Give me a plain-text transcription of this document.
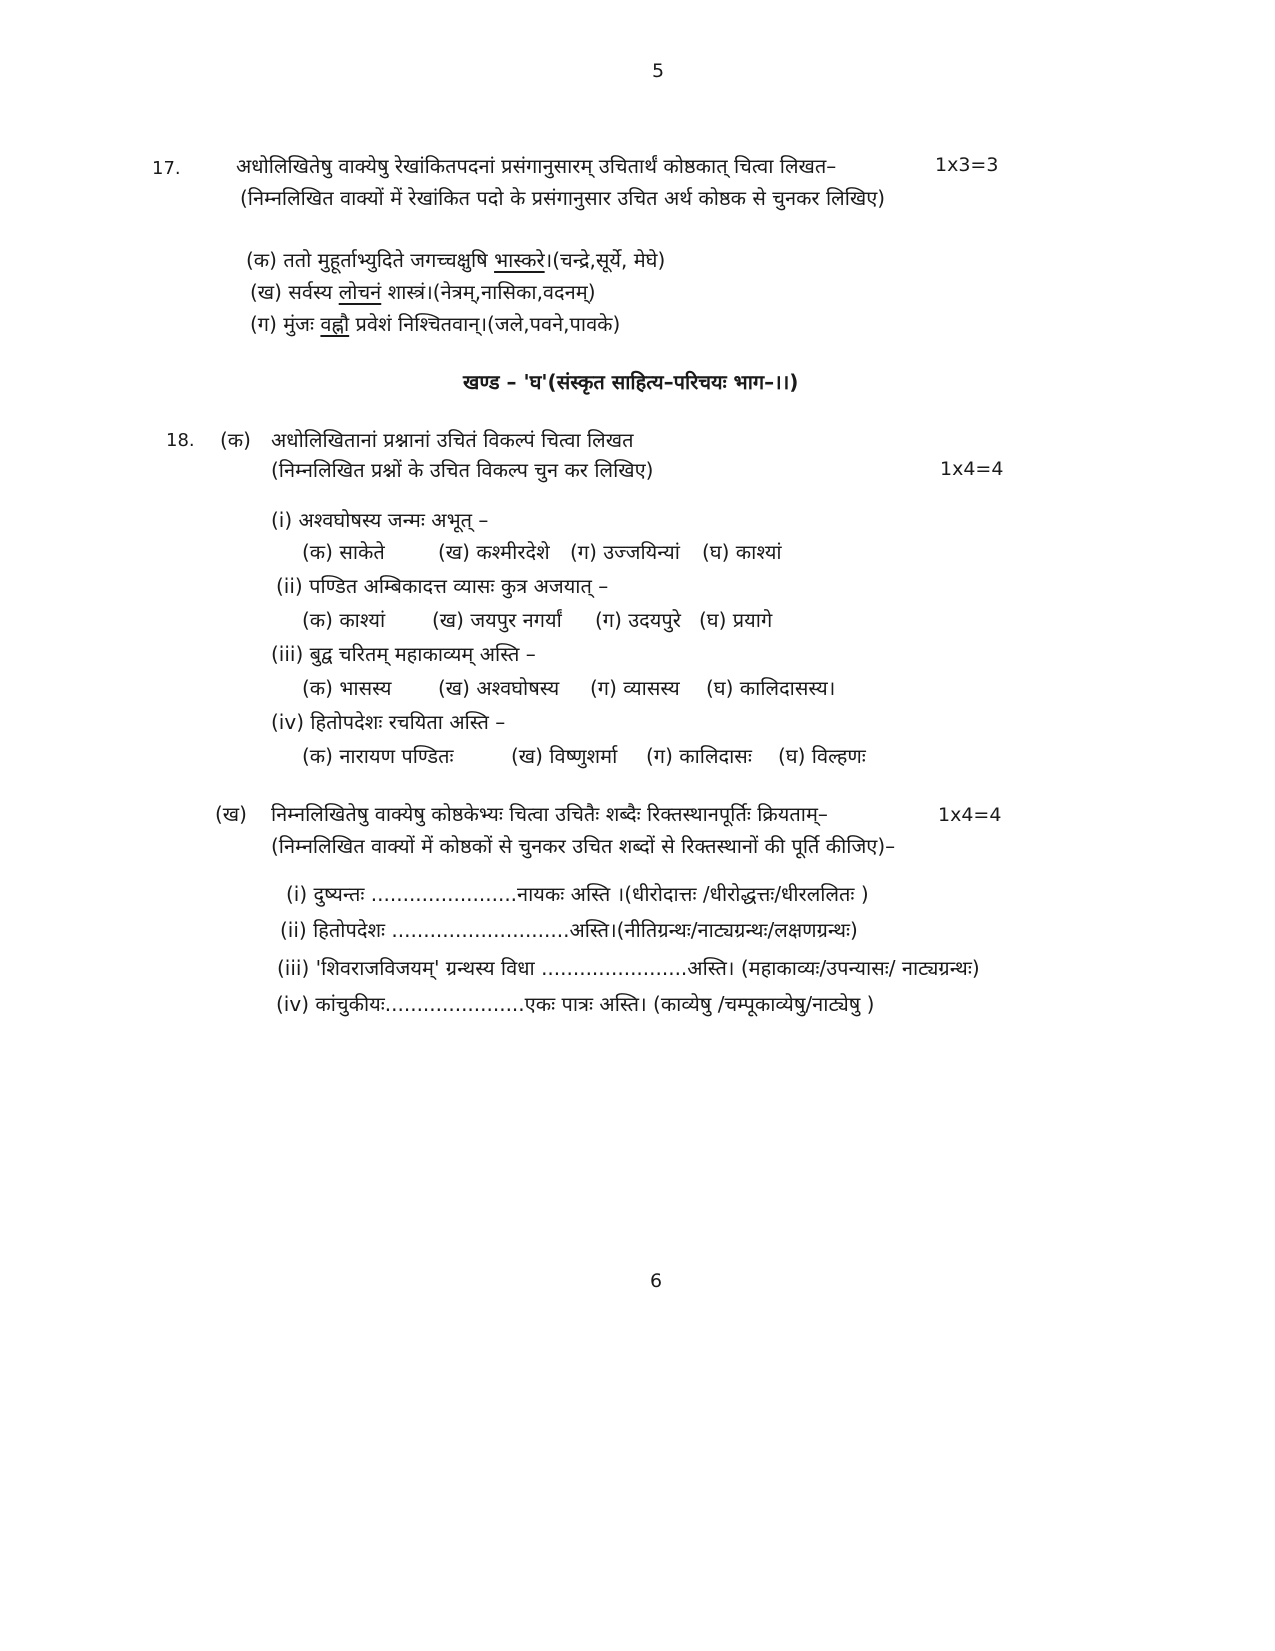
5
17.	अधोलिखितेषु वाक्येषु रेखांकितपदनां प्रसंगानुसारम् उचितार्थं कोष्ठकात् चित्वा लिखत–	1x3=3
(निम्नलिखित वाक्यों में रेखांकित पदो के प्रसंगानुसार उचित अर्थ कोष्ठक से चुनकर लिखिए)
(क) ततो मुहूर्ताभ्युदिते जगच्चक्षुषि भास्करे।(चन्द्रे,सूर्ये, मेघे)
(ख) सर्वस्य लोचनं शास्त्रं।(नेत्रम्,नासिका,वदनम्)
(ग) मुंजः वह्नौ प्रवेशं निश्चितवान्।(जले,पवने,पावके)
खण्ड – 'घ'(संस्कृत साहित्य–परिचयः भाग–।।)
18. (क) अधोलिखितानां प्रश्नानां उचितं विकल्पं चित्वा लिखत
(निम्नलिखित प्रश्नों के उचित विकल्प चुन कर लिखिए)	1x4=4
(i) अश्वघोषस्य जन्मः अभूत् –
(क) साकेते	(ख) कश्मीरदेशे (ग) उज्जयिन्यां (घ) काश्यां
(ii) पण्डित अम्बिकादत्त व्यासः कुत्र अजयात् –
(क) काश्यां (ख) जयपुर नगर्यां (ग) उदयपुरे (घ) प्रयागे
(iii) बुद्व चरितम् महाकाव्यम् अस्ति –
(क) भासस्य (ख) अश्वघोषस्य (ग) व्यासस्य (घ) कालिदासस्य।
(iv) हितोपदेशः रचयिता अस्ति –
(क) नारायण पण्डितः	(ख) विष्णुशर्मा (ग) कालिदासः (घ) विल्हणः
(ख) निम्नलिखितेषु वाक्येषु कोष्ठकेभ्यः चित्वा उचितैः शब्दैः रिक्तस्थानपूर्तिः क्रियताम्–	1x4=4
(निम्नलिखित वाक्यों में कोष्ठकों से चुनकर उचित शब्दों से रिक्तस्थानों की पूर्ति कीजिए)–
(i) दुष्यन्तः .......................नायकः अस्ति ।(धीरोदात्तः /धीरोद्धत्तः/धीरललितः )
(ii) हितोपदेशः ............................अस्ति।(नीतिग्रन्थः/नाट्यग्रन्थः/लक्षणग्रन्थः)
(iii) 'शिवराजविजयम्' ग्रन्थस्य विधा .......................अस्ति। (महाकाव्यः/उपन्यासः/ नाट्यग्रन्थः)
(iv) कांचुकीयः......................एकः पात्रः अस्ति। (काव्येषु /चम्पूकाव्येषु/नाट्येषु )
6
